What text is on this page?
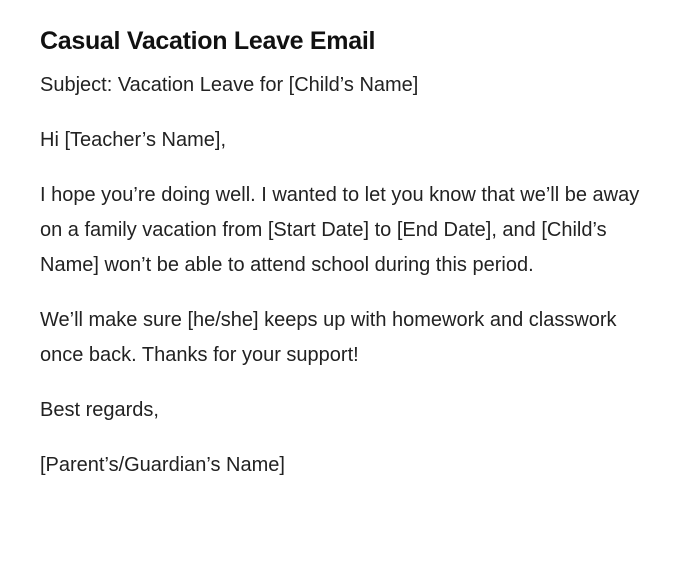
Casual Vacation Leave Email

Subject: Vacation Leave for [Child’s Name]

Hi [Teacher’s Name],

I hope you’re doing well. I wanted to let you know that we’ll be away on a family vacation from [Start Date] to [End Date], and [Child’s Name] won’t be able to attend school during this period.

We’ll make sure [he/she] keeps up with homework and classwork once back. Thanks for your support!

Best regards,

[Parent’s/Guardian’s Name]
